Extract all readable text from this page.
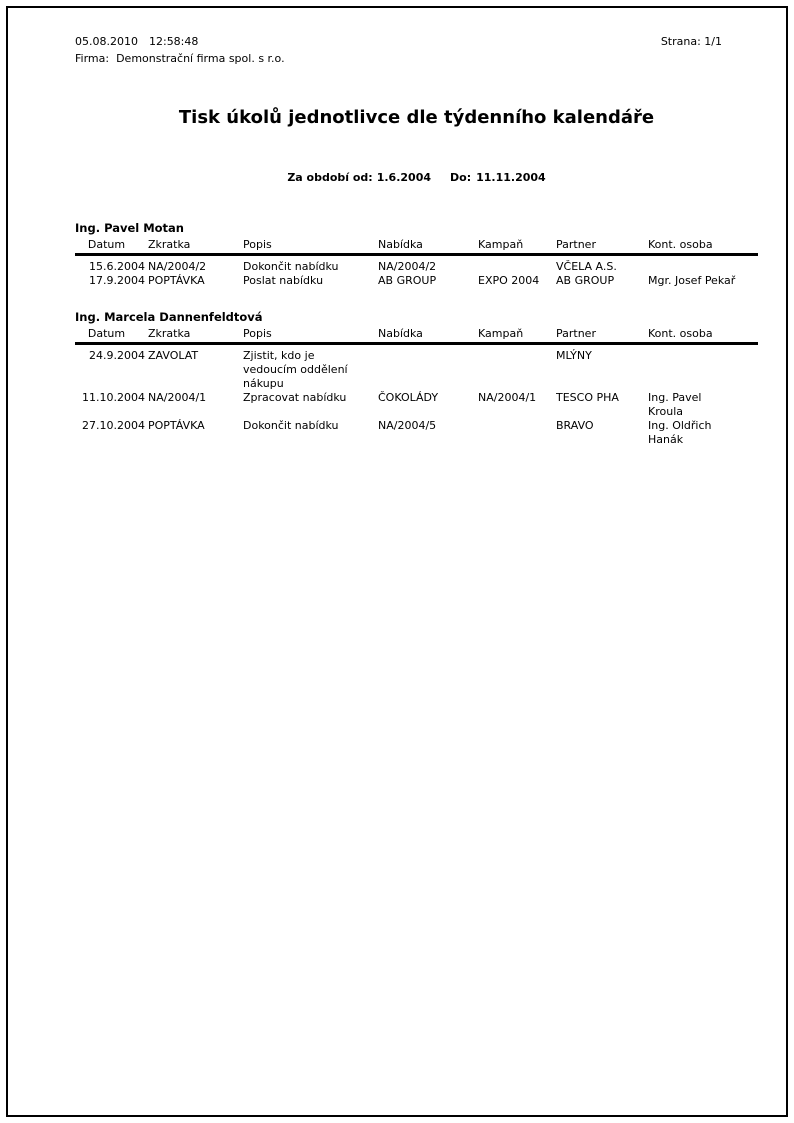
05.08.2010 12:58:48
Firma: Demonstrační firma spol. s r.o.
Strana: 1/1
Tisk úkolů jednotlivce dle týdenního kalendáře
Za období od: 1.6.2004 Do: 11.11.2004
Ing. Pavel Motan
Datum	Zkratka	Popis	Nabídka	Kampaň	Partner	Kont. osoba

15.6.2004	NA/2004/2	Dokončit nabídku	NA/2004/2		VČELA A.S.	
17.9.2004	POPTÁVKA	Poslat nabídku	AB GROUP	EXPO 2004	AB GROUP	Mgr. Josef Pekař
Ing. Marcela Dannenfeldtová
Datum	Zkratka	Popis	Nabídka	Kampaň	Partner	Kont. osoba

24.9.2004	ZAVOLAT	Zjistit, kdo je vedoucím oddělení nákupu			MLÝNY	
11.10.2004	NA/2004/1	Zpracovat nabídku	ČOKOLÁDY	NA/2004/1	TESCO PHA	Ing. Pavel Kroula
27.10.2004	POPTÁVKA	Dokončit nabídku	NA/2004/5		BRAVO	Ing. Oldřich Hanák
